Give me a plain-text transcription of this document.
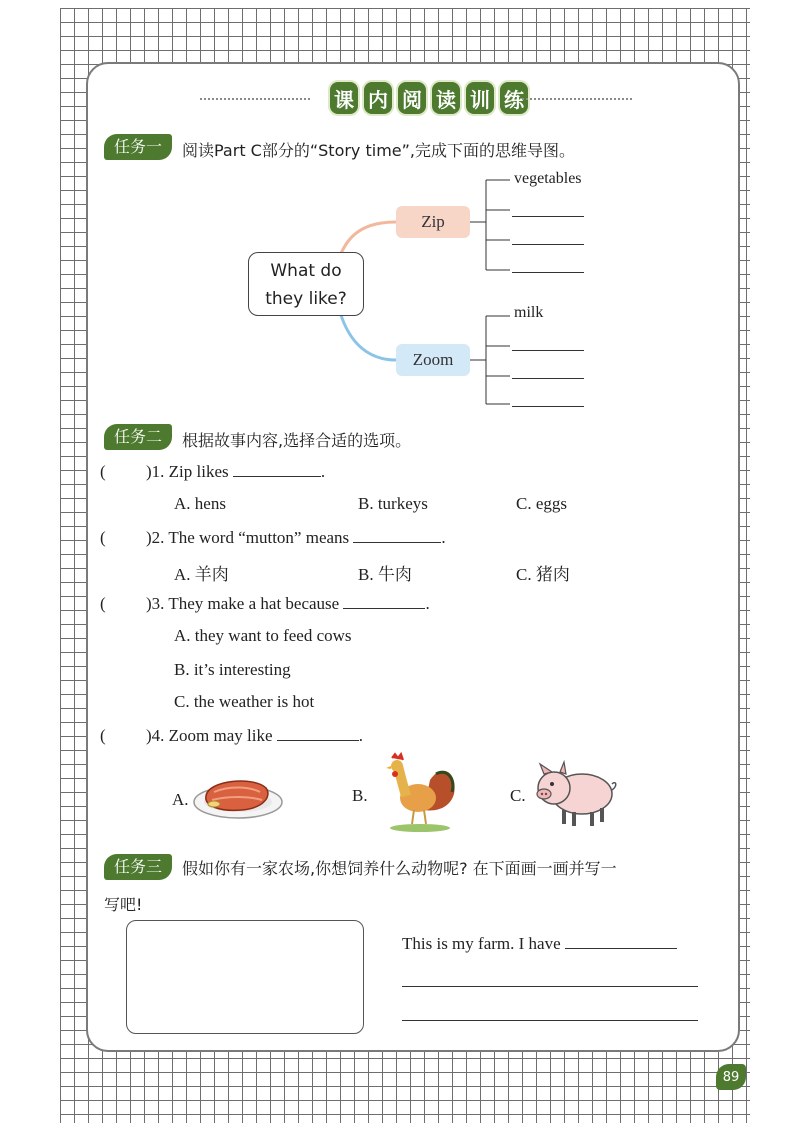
课 内 阅 读 训 练
任务一	阅读Part C部分的“Story time”,完成下面的思维导图。
What do
they like?
Zip
Zoom
vegetables
milk
任务二	根据故事内容,选择合适的选项。
( )1. Zip likes	.
A. hens	B. turkeys	C. eggs
( )2. The word “mutton” means	.
A. 羊肉	B. 牛肉	C. 猪肉
( )3. They make a hat because	.
A. they want to feed cows
B. it’s interesting
C. the weather is hot
( )4. Zoom may like	.
A.	B.	C.
任务三	假如你有一家农场,你想饲养什么动物呢? 在下面画一画并写一
写吧!
This is my farm. I have
89
